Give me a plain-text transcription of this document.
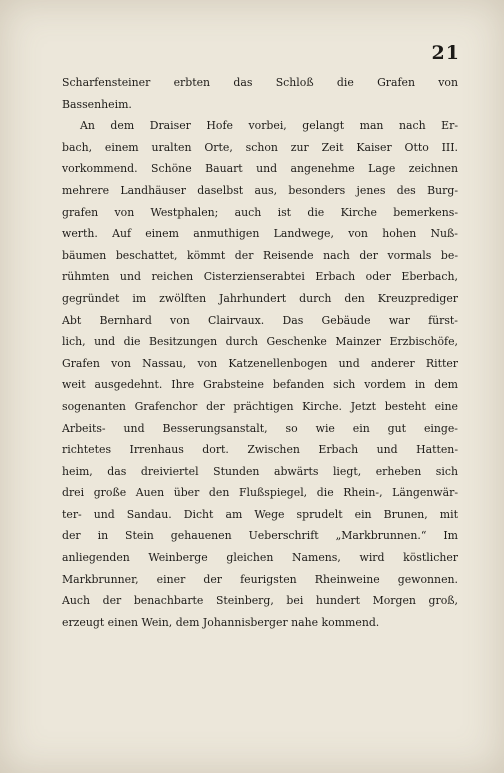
21
Scharfensteiner erbten das Schloß die Grafen von
Bassenheim.
An dem Draiser Hofe vorbei, gelangt man nach Er-
bach, einem uralten Orte, schon zur Zeit Kaiser Otto III.
vorkommend. Schöne Bauart und angenehme Lage zeichnen
mehrere Landhäuser daselbst aus, besonders jenes des Burg-
grafen von Westphalen; auch ist die Kirche bemerkens-
werth. Auf einem anmuthigen Landwege, von hohen Nuß-
bäumen beschattet, kömmt der Reisende nach der vormals be-
rühmten und reichen Cisterzienserabtei Erbach oder Eberbach,
gegründet im zwölften Jahrhundert durch den Kreuzprediger
Abt Bernhard von Clairvaux. Das Gebäude war fürst-
lich, und die Besitzungen durch Geschenke Mainzer Erzbischöfe,
Grafen von Nassau, von Katzenellenbogen und anderer Ritter
weit ausgedehnt. Ihre Grabsteine befanden sich vordem in dem
sogenanten Grafenchor der prächtigen Kirche. Jetzt besteht eine
Arbeits- und Besserungsanstalt, so wie ein gut einge-
richtetes Irrenhaus dort. Zwischen Erbach und Hatten-
heim, das dreiviertel Stunden abwärts liegt, erheben sich
drei große Auen über den Flußspiegel, die Rhein-, Längenwär-
ter- und Sandau. Dicht am Wege sprudelt ein Brunen, mit
der in Stein gehauenen Ueberschrift „Markbrunnen.“ Im
anliegenden Weinberge gleichen Namens, wird köstlicher
Markbrunner, einer der feurigsten Rheinweine gewonnen.
Auch der benachbarte Steinberg, bei hundert Morgen groß,
erzeugt einen Wein, dem Johannisberger nahe kommend.
